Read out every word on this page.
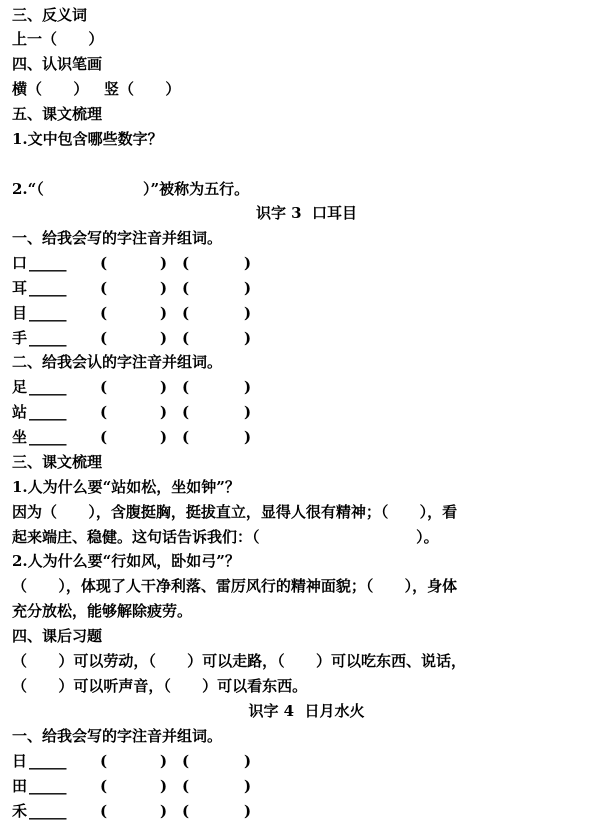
三、反义词
上一（      ）
四、认识笔画
横（      ）   竖（      ）
五、课文梳理
1.文中包含哪些数字？
2.“（                   ）”被称为五行。
识字 3  口耳目
一、给我会写的字注音并组词。
口 _____ (	) (	)
耳 _____ (	) (	)
目 _____ (	) (	)
手 _____ (	) (	)
二、给我会认的字注音并组词。
足 _____ (	) (	)
站 _____ (	) (	)
坐 _____ (	) (	)
三、课文梳理
1.人为什么要“站如松，坐如钟”？
因为（      ），含腹挺胸，挺拔直立，显得人很有精神；（      ），看
起来端庄、稳健。这句话告诉我们：（                              ）。
2.人为什么要“行如风，卧如弓”？
（      ），体现了人干净利落、雷厉风行的精神面貌；（      ），身体
充分放松，能够解除疲劳。
四、课后习题
（      ）可以劳动，（      ）可以走路，（      ）可以吃东西、说话，
（      ）可以听声音，（      ）可以看东西。
识字 4  日月水火
一、给我会写的字注音并组词。
日 _____ (	) (	)
田 _____ (	) (	)
禾 _____ (	) (	)
